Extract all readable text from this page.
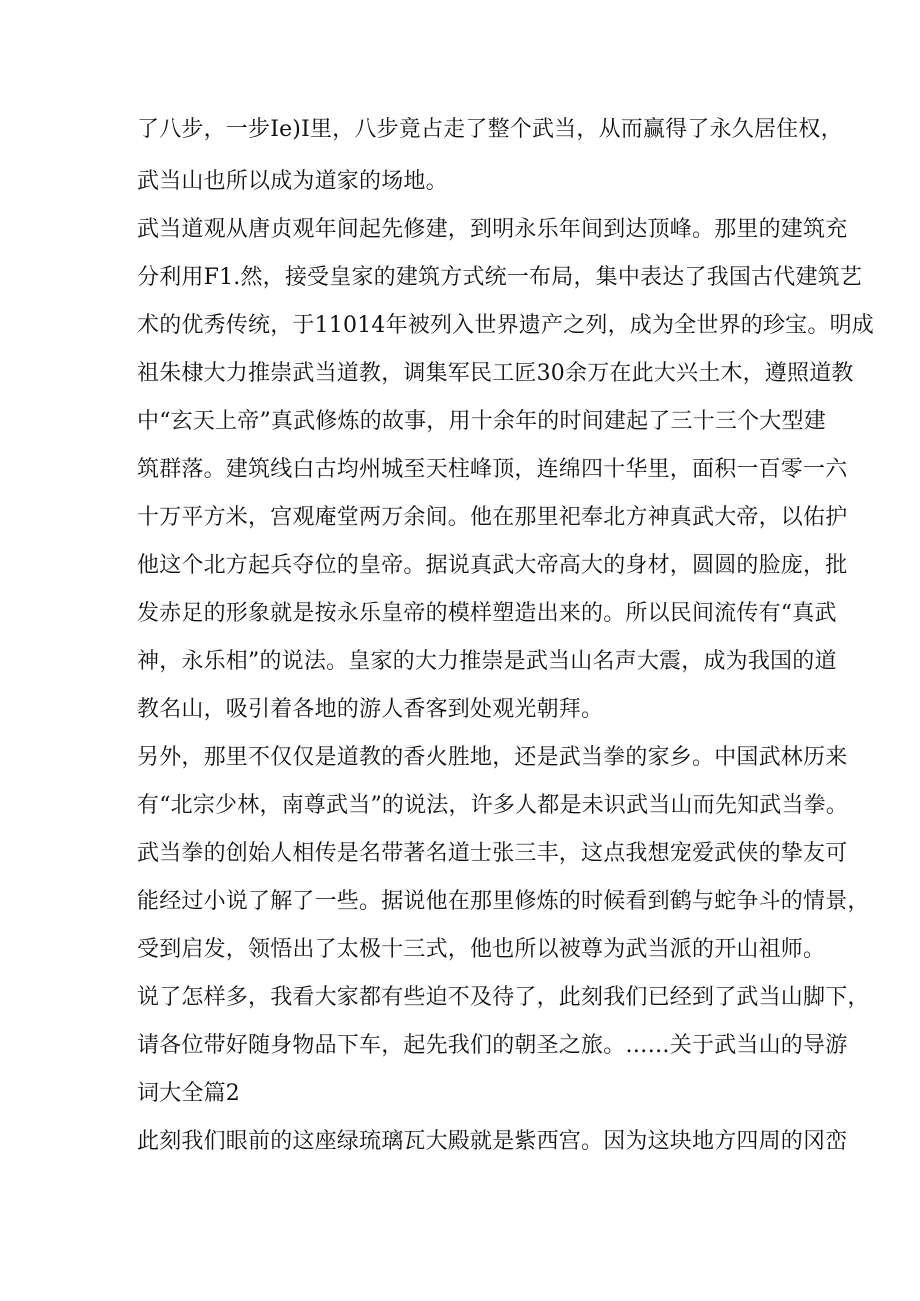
了八步，一步Ie)I里，八步竟占走了整个武当，从而赢得了永久居住权，
武当山也所以成为道家的场地。
武当道观从唐贞观年间起先修建，到明永乐年间到达顶峰。那里的建筑充
分利用F1.然，接受皇家的建筑方式统一布局，集中表达了我国古代建筑艺
术的优秀传统，于11014年被列入世界遗产之列，成为全世界的珍宝。明成
祖朱棣大力推崇武当道教，调集军民工匠30余万在此大兴土木，遵照道教
中“玄天上帝”真武修炼的故事，用十余年的时间建起了三十三个大型建
筑群落。建筑线白古均州城至天柱峰顶，连绵四十华里，面积一百零一六
十万平方米，宫观庵堂两万余间。他在那里祀奉北方神真武大帝，以佑护
他这个北方起兵夺位的皇帝。据说真武大帝高大的身材，圆圆的脸庞，批
发赤足的形象就是按永乐皇帝的模样塑造出来的。所以民间流传有“真武
神，永乐相”的说法。皇家的大力推崇是武当山名声大震，成为我国的道
教名山，吸引着各地的游人香客到处观光朝拜。
另外，那里不仅仅是道教的香火胜地，还是武当拳的家乡。中国武林历来
有“北宗少林，南尊武当”的说法，许多人都是未识武当山而先知武当拳。
武当拳的创始人相传是名带著名道士张三丰，这点我想宠爱武侠的挚友可
能经过小说了解了一些。据说他在那里修炼的时候看到鹤与蛇争斗的情景，
受到启发，领悟出了太极十三式，他也所以被尊为武当派的开山祖师。
说了怎样多，我看大家都有些迫不及待了，此刻我们已经到了武当山脚下，
请各位带好随身物品下车，起先我们的朝圣之旅。……关于武当山的导游
词大全篇2
此刻我们眼前的这座绿琉璃瓦大殿就是紫西宫。因为这块地方四周的冈峦
